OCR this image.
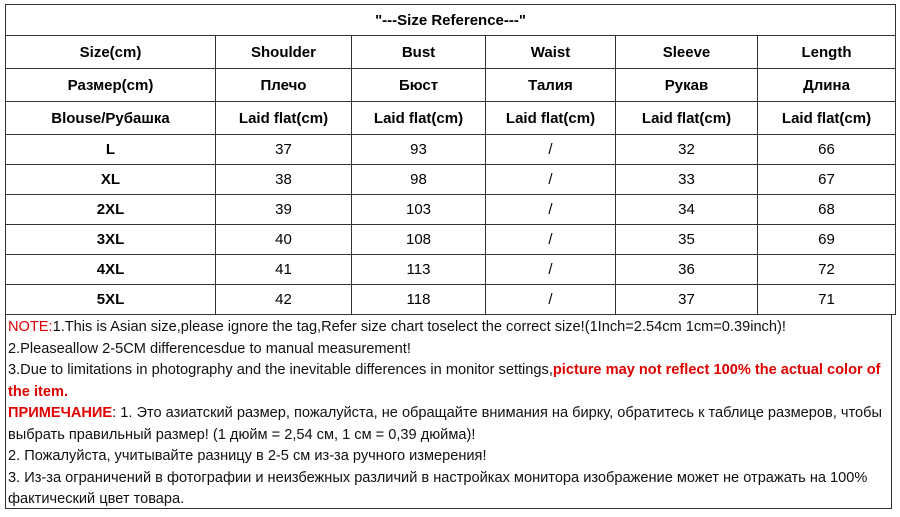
"---Size Reference---"					
Size(cm)	Shoulder	Bust	Waist	Sleeve	Length
Размер(cm)	Плечо	Бюст	Талия	Рукав	Длина
Blouse/Рубашка	Laid flat(cm)	Laid flat(cm)	Laid flat(cm)	Laid flat(cm)	Laid flat(cm)
L	37	93	/	32	66
XL	38	98	/	33	67
2XL	39	103	/	34	68
3XL	40	108	/	35	69
4XL	41	113	/	36	72
5XL	42	118	/	37	71

NOTE:1.This is Asian size,please ignore the tag,Refer size chart toselect the correct size!(1Inch=2.54cm 1cm=0.39inch)!

2.Pleaseallow 2-5CM differencesdue to manual measurement!

3.Due to limitations in photography and the inevitable differences in monitor settings,picture may not reflect 100% the actual color of the item.

ПРИМЕЧАНИЕ: 1. Это азиатский размер, пожалуйста, не обращайте внимания на бирку, обратитесь к таблице размеров, чтобы выбрать правильный размер! (1 дюйм = 2,54 см, 1 см = 0,39 дюйма)!

2. Пожалуйста, учитывайте разницу в 2-5 см из-за ручного измерения!

3. Из-за ограничений в фотографии и неизбежных различий в настройках монитора изображение может не отражать на 100% фактический цвет товара.
